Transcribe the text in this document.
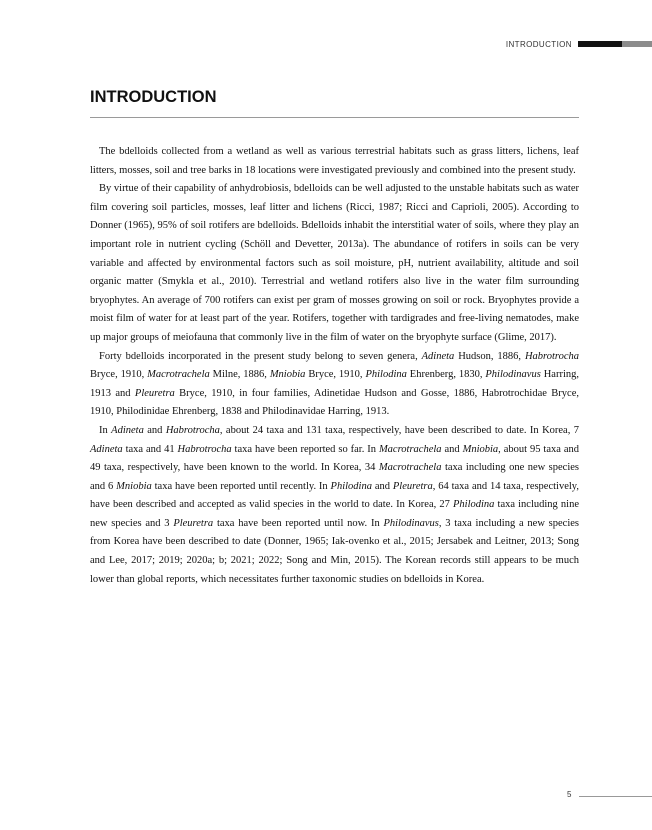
INTRODUCTION
INTRODUCTION

The bdelloids collected from a wetland as well as various terrestrial habitats such as grass litters, lichens, leaf litters, mosses, soil and tree barks in 18 locations were investigated previously and combined into the present study.

By virtue of their capability of anhydrobiosis, bdelloids can be well adjusted to the unstable habitats such as water film covering soil particles, mosses, leaf litter and lichens (Ricci, 1987; Ricci and Caprioli, 2005). According to Donner (1965), 95% of soil rotifers are bdelloids. Bdelloids inhabit the interstitial water of soils, where they play an important role in nutrient cycling (Schöll and Devetter, 2013a). The abundance of rotifers in soils can be very variable and affected by environmental factors such as soil moisture, pH, nutrient availability, altitude and soil organic matter (Smykla et al., 2010). Terrestrial and wetland rotifers also live in the water film surrounding bryophytes. An average of 700 rotifers can exist per gram of mosses growing on soil or rock. Bryophytes provide a moist film of water for at least part of the year. Rotifers, together with tardigrades and free-living nematodes, make up major groups of meiofauna that commonly live in the film of water on the bryophyte surface (Glime, 2017).

Forty bdelloids incorporated in the present study belong to seven genera, Adineta Hudson, 1886, Habrotrocha Bryce, 1910, Macrotrachela Milne, 1886, Mniobia Bryce, 1910, Philodina Ehrenberg, 1830, Philodinavus Harring, 1913 and Pleuretra Bryce, 1910, in four families, Adinetidae Hudson and Gosse, 1886, Habrotrochidae Bryce, 1910, Philodinidae Ehrenberg, 1838 and Philodinavidae Harring, 1913.

In Adineta and Habrotrocha, about 24 taxa and 131 taxa, respectively, have been described to date. In Korea, 7 Adineta taxa and 41 Habrotrocha taxa have been reported so far. In Macrotrachela and Mniobia, about 95 taxa and 49 taxa, respectively, have been known to the world. In Korea, 34 Macrotrachela taxa including one new species and 6 Mniobia taxa have been reported until recently. In Philodina and Pleuretra, 64 taxa and 14 taxa, respectively, have been described and accepted as valid species in the world to date. In Korea, 27 Philodina taxa including nine new species and 3 Pleuretra taxa have been reported until now. In Philodinavus, 3 taxa including a new species from Korea have been described to date (Donner, 1965; Iak-ovenko et al., 2015; Jersabek and Leitner, 2013; Song and Lee, 2017; 2019; 2020a; b; 2021; 2022; Song and Min, 2015). The Korean records still appears to be much lower than global reports, which necessitates further taxonomic studies on bdelloids in Korea.

5
